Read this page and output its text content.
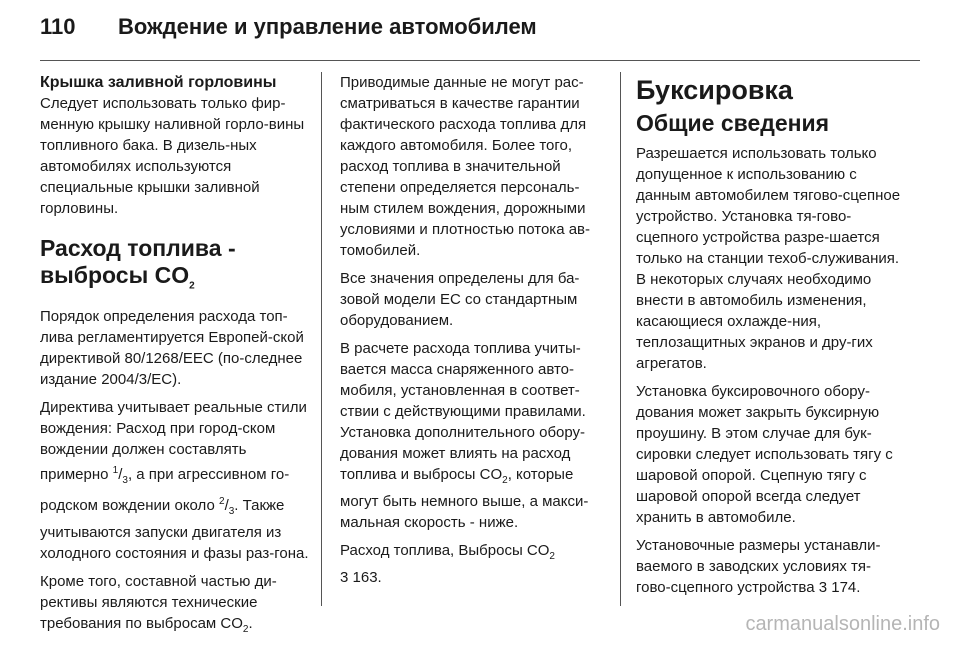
110	Вождение и управление автомобилем
Крышка заливной горловины

Следует использовать только фир-менную крышку наливной горло-вины топливного бака. В дизель-ных автомобилях используются специальные крышки заливной горловины.

Расход топлива - выбросы $CO_2$

Порядок определения расхода топ-лива регламентируется Европей-ской директивой 80/1268/EEC (по-следнее издание 2004/3/EC).

Директива учитывает реальные стили вождения: Расход при город-ском вождении должен составлять примерно $^1/_3$, а при агрессивном го-родском вождении около $^2/_3$. Также учитываются запуски двигателя из холодного состояния и фазы раз-гона.

Кроме того, составной частью ди-рективы являются технические требования по выбросам $CO_2$.

Приводимые данные не могут рас-сматриваться в качестве гарантии фактического расхода топлива для каждого автомобиля. Более того, расход топлива в значительной степени определяется персональ-ным стилем вождения, дорожными условиями и плотностью потока ав-томобилей.

Все значения определены для ба-зовой модели ЕС со стандартным оборудованием.

В расчете расхода топлива учиты-вается масса снаряженного авто-мобиля, установленная в соответ-ствии с действующими правилами. Установка дополнительного обору-дования может влиять на расход топлива и выбросы $CO_2$, которые могут быть немного выше, а макси-мальная скорость - ниже.

Расход топлива, Выбросы $CO_2$
3 163.

Буксировка
Общие сведения

Разрешается использовать только допущенное к использованию с данным автомобилем тягово-сцепное устройство. Установка тя-гово-сцепного устройства разре-шается только на станции техоб-служивания. В некоторых случаях необходимо внести в автомобиль изменения, касающиеся охлажде-ния, теплозащитных экранов и дру-гих агрегатов.

Установка буксировочного обору-дования может закрыть буксирную проушину. В этом случае для бук-сировки следует использовать тягу с шаровой опорой. Сцепную тягу с шаровой опорой всегда следует хранить в автомобиле.

Установочные размеры устанавли-ваемого в заводских условиях тя-гово-сцепного устройства 3 174.

carmanualsonline.info
